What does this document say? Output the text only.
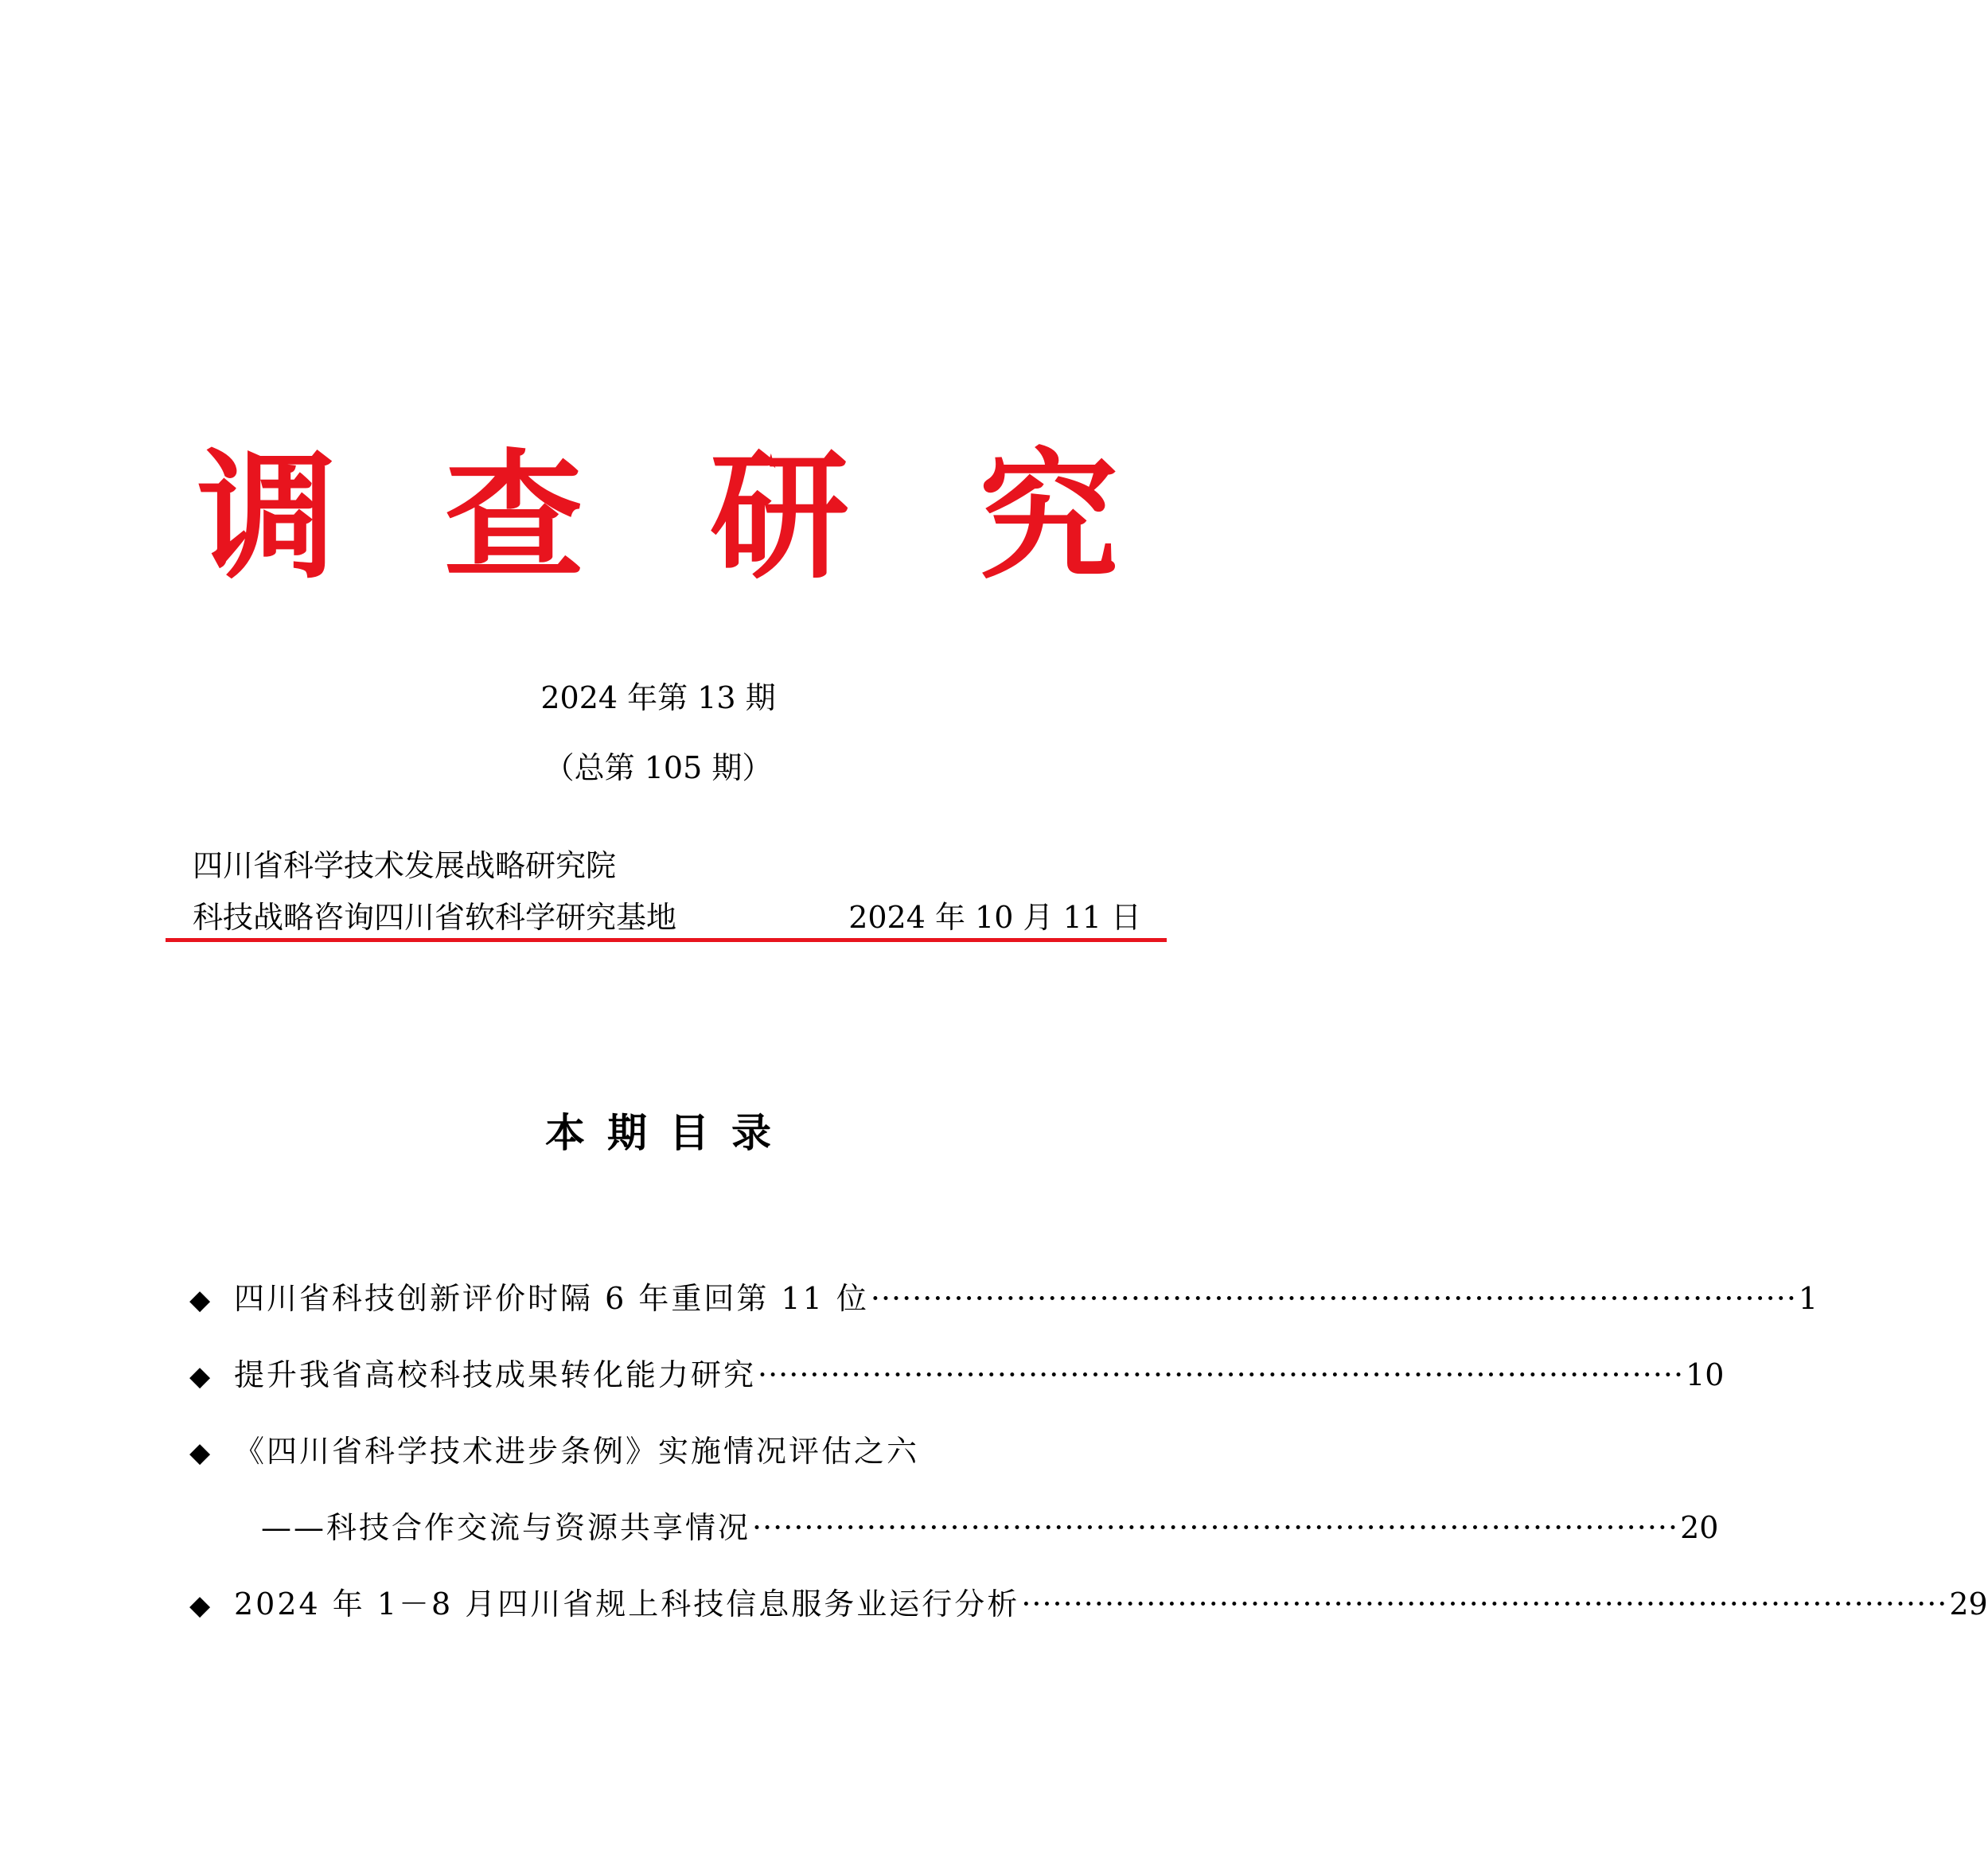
调 查 研 究
2024 年第 13 期
（总第 105 期）
四川省科学技术发展战略研究院
科技战略咨询四川省软科学研究基地	2024 年 10 月 11 日
本期目录
◆ 四川省科技创新评价时隔 6 年重回第 11 位 ························································································· 1
◆ 提升我省高校科技成果转化能力研究 ························································································· 10
◆ 《四川省科学技术进步条例》实施情况评估之六
——科技合作交流与资源共享情况 ························································································· 20
◆ 2024 年 1－8 月四川省规上科技信息服务业运行分析 ························································································· 29
